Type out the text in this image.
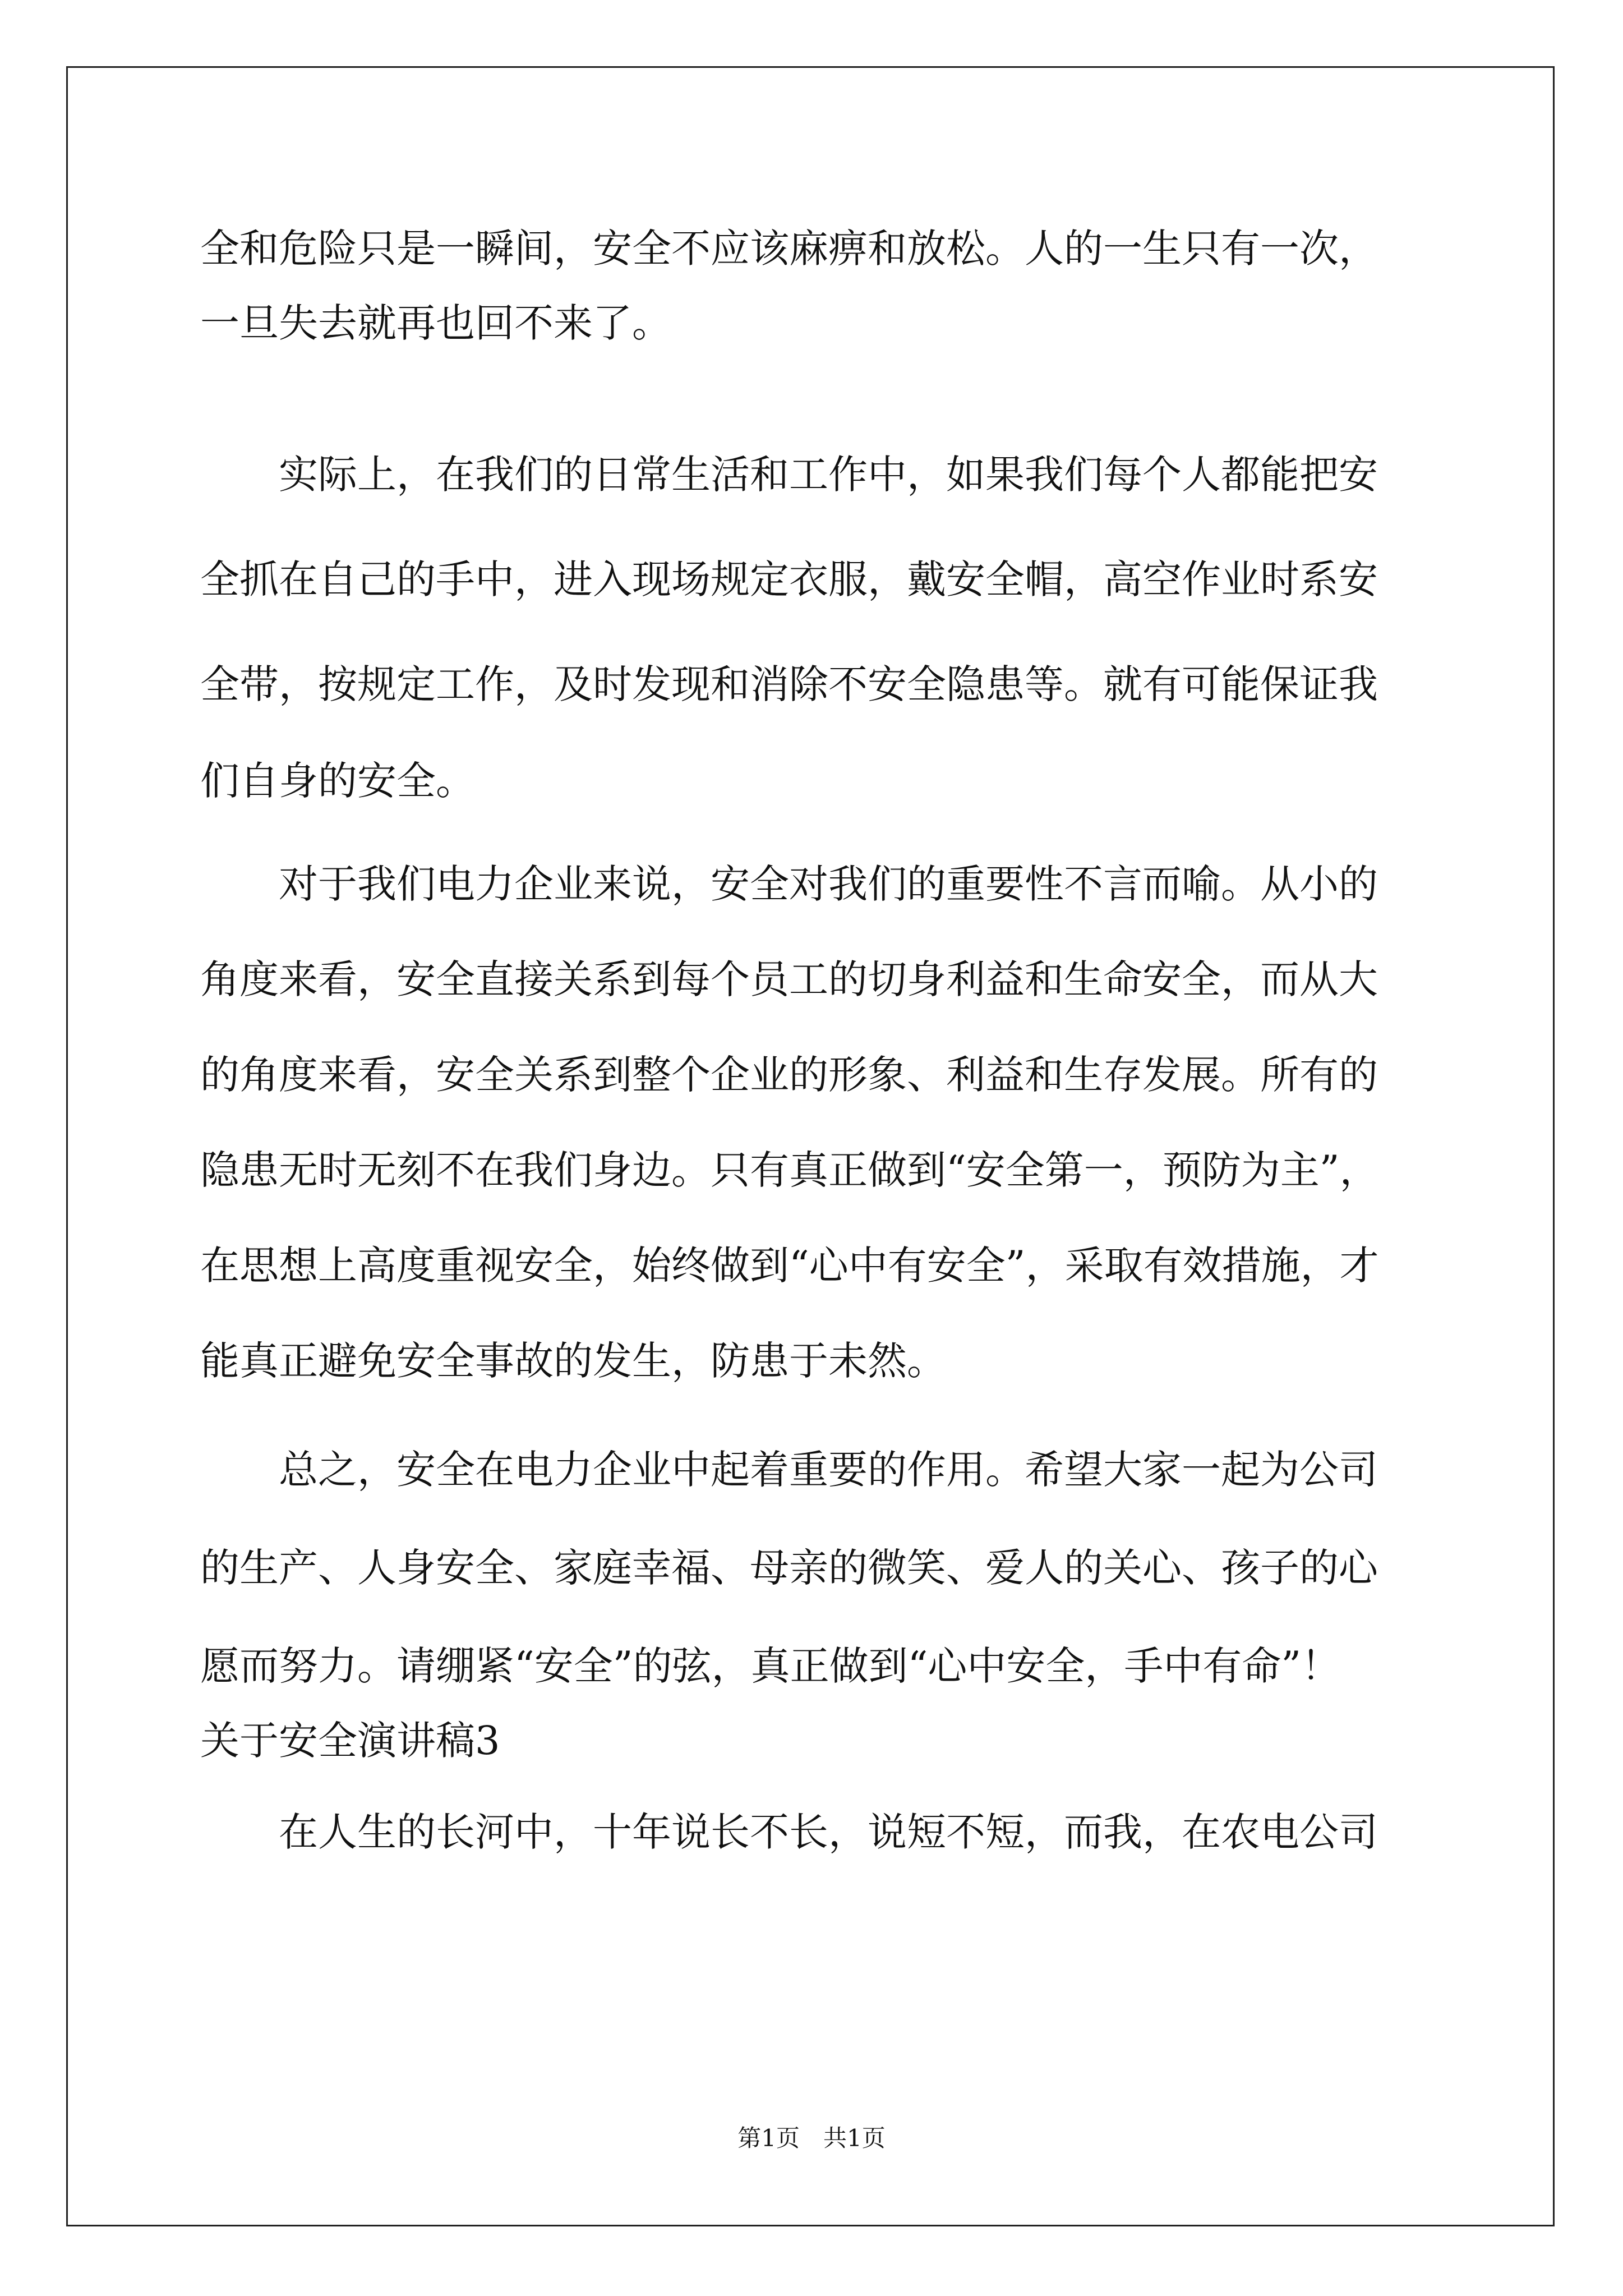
全和危险只是一瞬间，安全不应该麻痹和放松。人的一生只有一次，
一旦失去就再也回不来了。
　　实际上，在我们的日常生活和工作中，如果我们每个人都能把安
全抓在自己的手中，进入现场规定衣服，戴安全帽，高空作业时系安
全带，按规定工作，及时发现和消除不安全隐患等。就有可能保证我
们自身的安全。
　　对于我们电力企业来说，安全对我们的重要性不言而喻。从小的
角度来看，安全直接关系到每个员工的切身利益和生命安全，而从大
的角度来看，安全关系到整个企业的形象、利益和生存发展。所有的
隐患无时无刻不在我们身边。只有真正做到“安全第一，预防为主”，
在思想上高度重视安全，始终做到“心中有安全”，采取有效措施，才
能真正避免安全事故的发生，防患于未然。
　　总之，安全在电力企业中起着重要的作用。希望大家一起为公司
的生产、人身安全、家庭幸福、母亲的微笑、爱人的关心、孩子的心
愿而努力。请绷紧“安全”的弦，真正做到“心中安全，手中有命”！
关于安全演讲稿3
　　在人生的长河中，十年说长不长，说短不短，而我，在农电公司
第1页　共1页
